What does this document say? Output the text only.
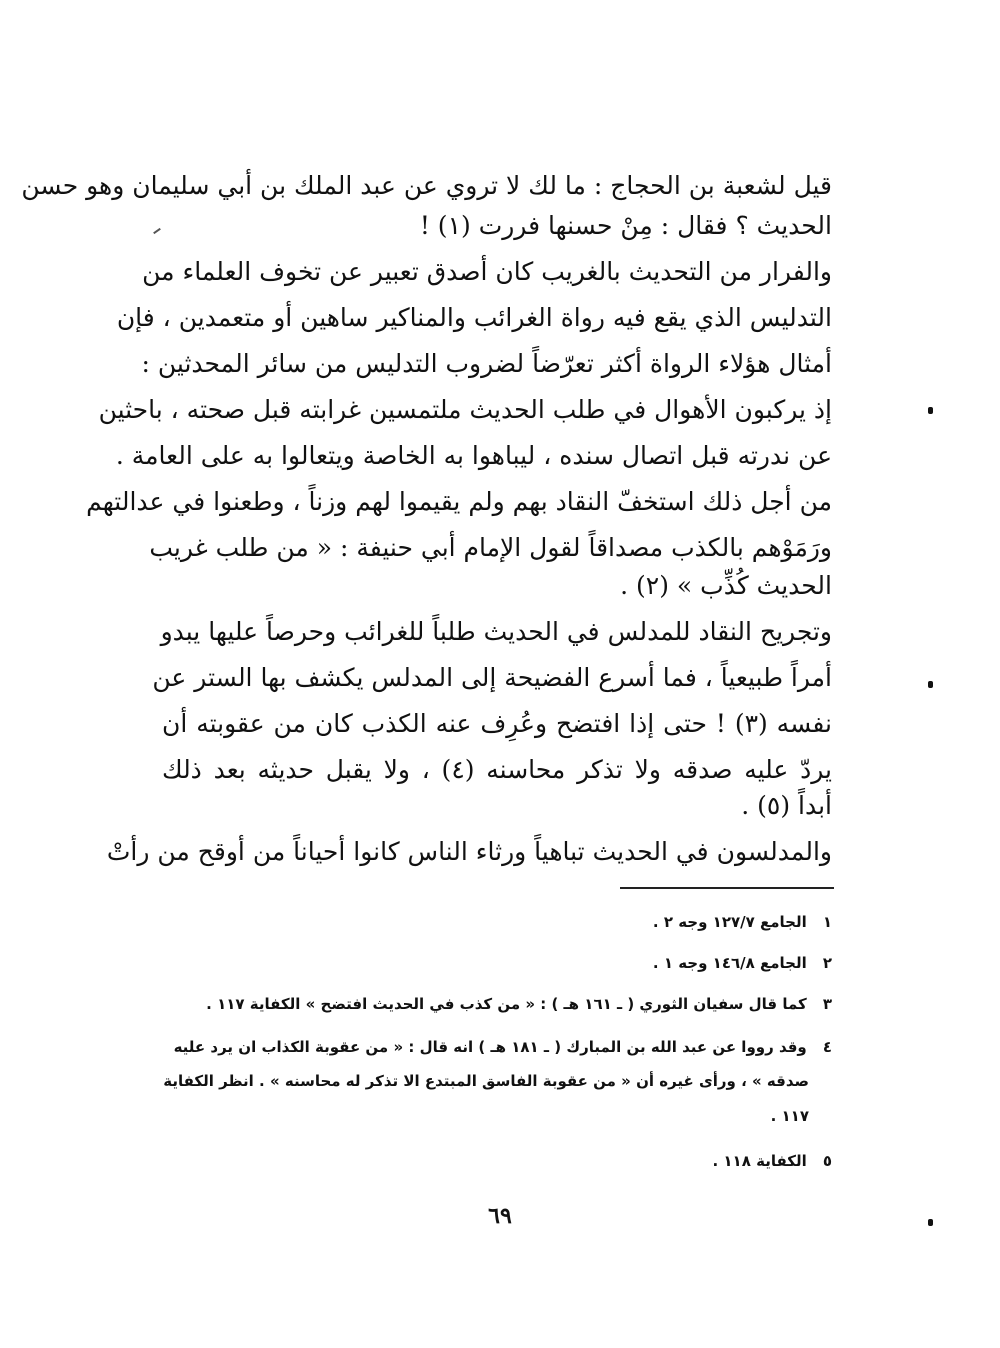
قيل لشعبة بن الحجاج : ما لك لا تروي عن عبد الملك بن أبي سليمان وهو حسن
الحديث ؟ فقال : مِنْ حسنها فررت (١) !
والفرار من التحديث بالغريب كان أصدق تعبير عن تخوف العلماء من
التدليس الذي يقع فيه رواة الغرائب والمناكير ساهين أو متعمدين ، فإن
أمثال هؤلاء الرواة أكثر تعرّضاً لضروب التدليس من سائر المحدثين :
إذ يركبون الأهوال في طلب الحديث ملتمسين غرابته قبل صحته ، باحثين
عن ندرته قبل اتصال سنده ، ليباهوا به الخاصة ويتعالوا به على العامة .
من أجل ذلك استخفّ النقاد بهم ولم يقيموا لهم وزناً ، وطعنوا في عدالتهم
ورَمَوْهم بالكذب مصداقاً لقول الإمام أبي حنيفة : « من طلب غريب
الحديث كُذِّب » (٢) .
وتجريح النقاد للمدلس في الحديث طلباً للغرائب وحرصاً عليها يبدو
أمراً طبيعياً ، فما أسرع الفضيحة إلى المدلس يكشف بها الستر عن
نفسه (٣) ! حتى إذا افتضح وعُرِف عنه الكذب كان من عقوبته أن
يردّ عليه صدقه ولا تذكر محاسنه (٤) ، ولا يقبل حديثه بعد ذلك
أبداً (٥) .
والمدلسون في الحديث تباهياً ورثاء الناس كانوا أحياناً من أوقح من رأتْ
١ الجامع ١٢٧/٧ وجه ٢ .
٢ الجامع ١٤٦/٨ وجه ١ .
٣ كما قال سفيان الثوري ( ـ ١٦١ هـ ) : « من كذب في الحديث افتضح » الكفاية ١١٧ .
٤ وقد رووا عن عبد الله بن المبارك ( ـ ١٨١ هـ ) انه قال : « من عقوبة الكذاب ان يرد عليه
صدقه » ، ورأى غيره أن « من عقوبة الفاسق المبتدع الا تذكر له محاسنه » . انظر الكفاية
١١٧ .
٥ الكفاية ١١٨ .
٦٩
